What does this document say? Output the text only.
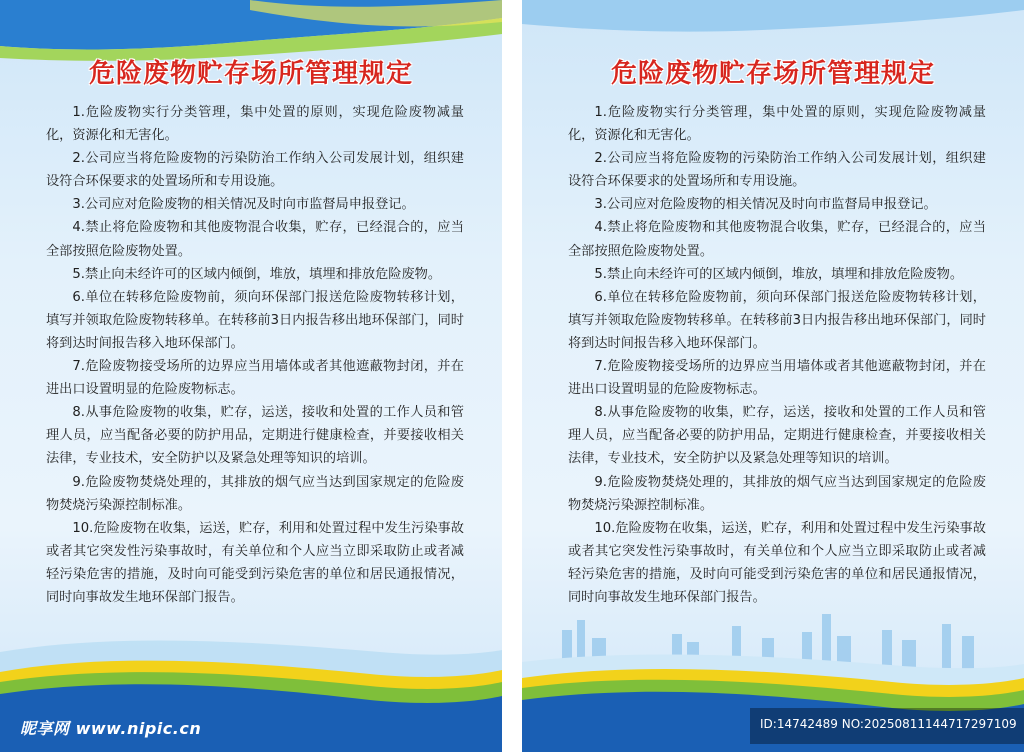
危险废物贮存场所管理规定

1.危险废物实行分类管理，集中处置的原则，实现危险废物减量化，资源化和无害化。

2.公司应当将危险废物的污染防治工作纳入公司发展计划，组织建设符合环保要求的处置场所和专用设施。

3.公司应对危险废物的相关情况及时向市监督局申报登记。

4.禁止将危险废物和其他废物混合收集，贮存，已经混合的，应当全部按照危险废物处置。

5.禁止向未经许可的区域内倾倒，堆放，填埋和排放危险废物。

6.单位在转移危险废物前，须向环保部门报送危险废物转移计划，填写并领取危险废物转移单。在转移前3日内报告移出地环保部门，同时将到达时间报告移入地环保部门。

7.危险废物接受场所的边界应当用墙体或者其他遮蔽物封闭，并在进出口设置明显的危险废物标志。

8.从事危险废物的收集，贮存，运送，接收和处置的工作人员和管理人员，应当配备必要的防护用品，定期进行健康检查，并要接收相关法律，专业技术，安全防护以及紧急处理等知识的培训。

9.危险废物焚烧处理的，其排放的烟气应当达到国家规定的危险废物焚烧污染源控制标准。

10.危险废物在收集，运送，贮存，利用和处置过程中发生污染事故或者其它突发性污染事故时，有关单位和个人应当立即采取防止或者减轻污染危害的措施，及时向可能受到污染危害的单位和居民通报情况，同时向事故发生地环保部门报告。

昵享网 www.nipic.cn
危险废物贮存场所管理规定

1.危险废物实行分类管理，集中处置的原则，实现危险废物减量化，资源化和无害化。

2.公司应当将危险废物的污染防治工作纳入公司发展计划，组织建设符合环保要求的处置场所和专用设施。

3.公司应对危险废物的相关情况及时向市监督局申报登记。

4.禁止将危险废物和其他废物混合收集，贮存，已经混合的，应当全部按照危险废物处置。

5.禁止向未经许可的区域内倾倒，堆放，填埋和排放危险废物。

6.单位在转移危险废物前，须向环保部门报送危险废物转移计划，填写并领取危险废物转移单。在转移前3日内报告移出地环保部门，同时将到达时间报告移入地环保部门。

7.危险废物接受场所的边界应当用墙体或者其他遮蔽物封闭，并在进出口设置明显的危险废物标志。

8.从事危险废物的收集，贮存，运送，接收和处置的工作人员和管理人员，应当配备必要的防护用品，定期进行健康检查，并要接收相关法律，专业技术，安全防护以及紧急处理等知识的培训。

9.危险废物焚烧处理的，其排放的烟气应当达到国家规定的危险废物焚烧污染源控制标准。

10.危险废物在收集，运送，贮存，利用和处置过程中发生污染事故或者其它突发性污染事故时，有关单位和个人应当立即采取防止或者减轻污染危害的措施，及时向可能受到污染危害的单位和居民通报情况，同时向事故发生地环保部门报告。

ID:14742489 NO:20250811144717297109
